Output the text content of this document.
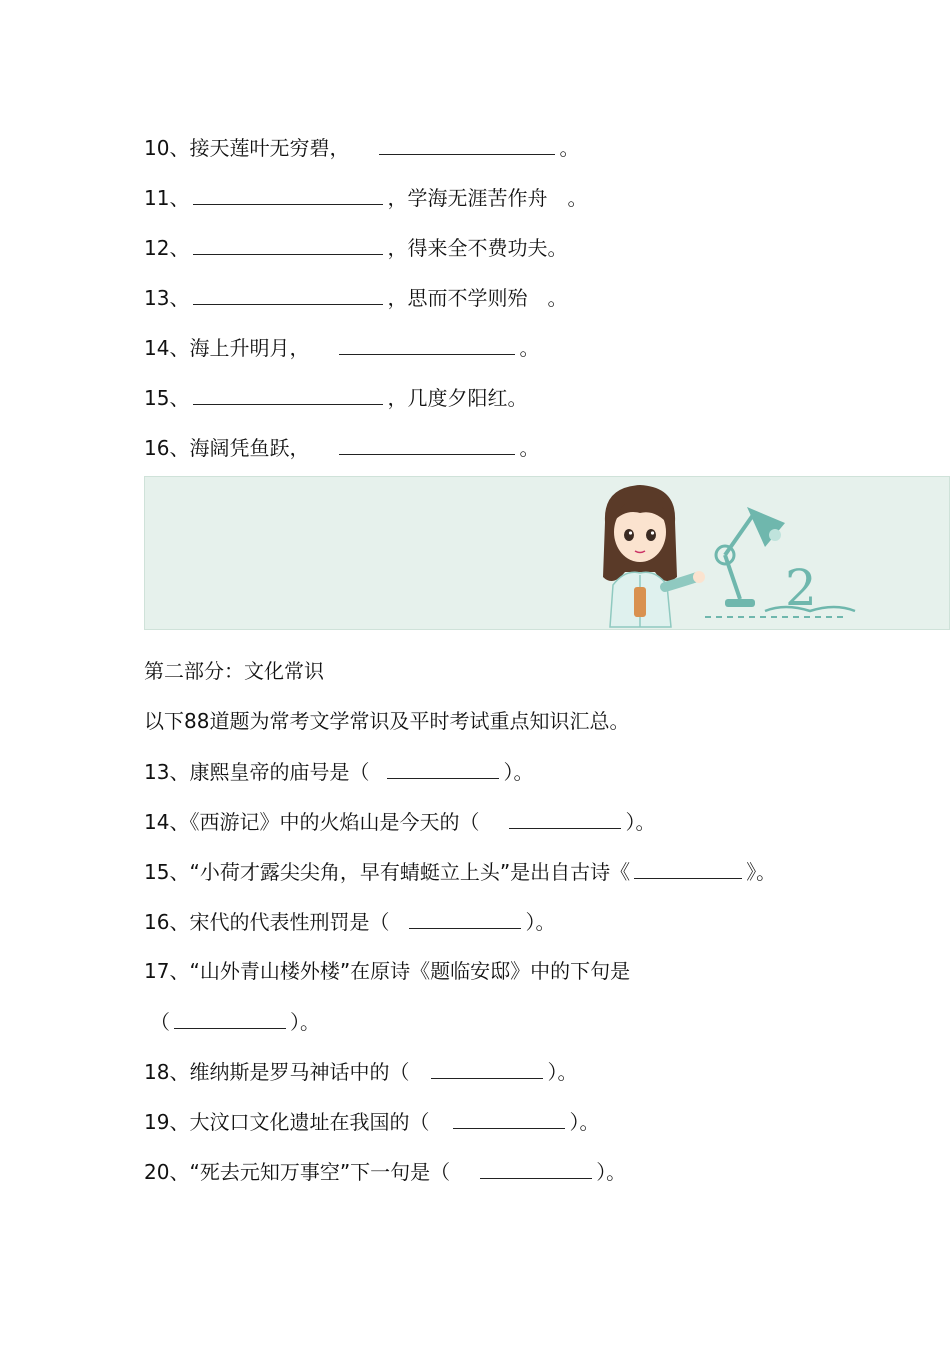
10、接天莲叶无穷碧，	。
11、	，学海无涯苦作舟　。
12、	，得来全不费功夫。
13、	，思而不学则殆　。
14、海上升明月，	。
15、	，几度夕阳红。
16、海阔凭鱼跃，	。
2
第二部分：文化常识
以下88道题为常考文学常识及平时考试重点知识汇总。
13、康熙皇帝的庙号是（	）。
14、《西游记》中的火焰山是今天的（	）。
15、“小荷才露尖尖角，早有蜻蜓立上头”是出自古诗《	》。
16、宋代的代表性刑罚是（	）。
17、“山外青山楼外楼”在原诗《题临安邸》中的下句是
（	）。
18、维纳斯是罗马神话中的（	）。
19、大汶口文化遗址在我国的（	）。
20、“死去元知万事空”下一句是（	）。
